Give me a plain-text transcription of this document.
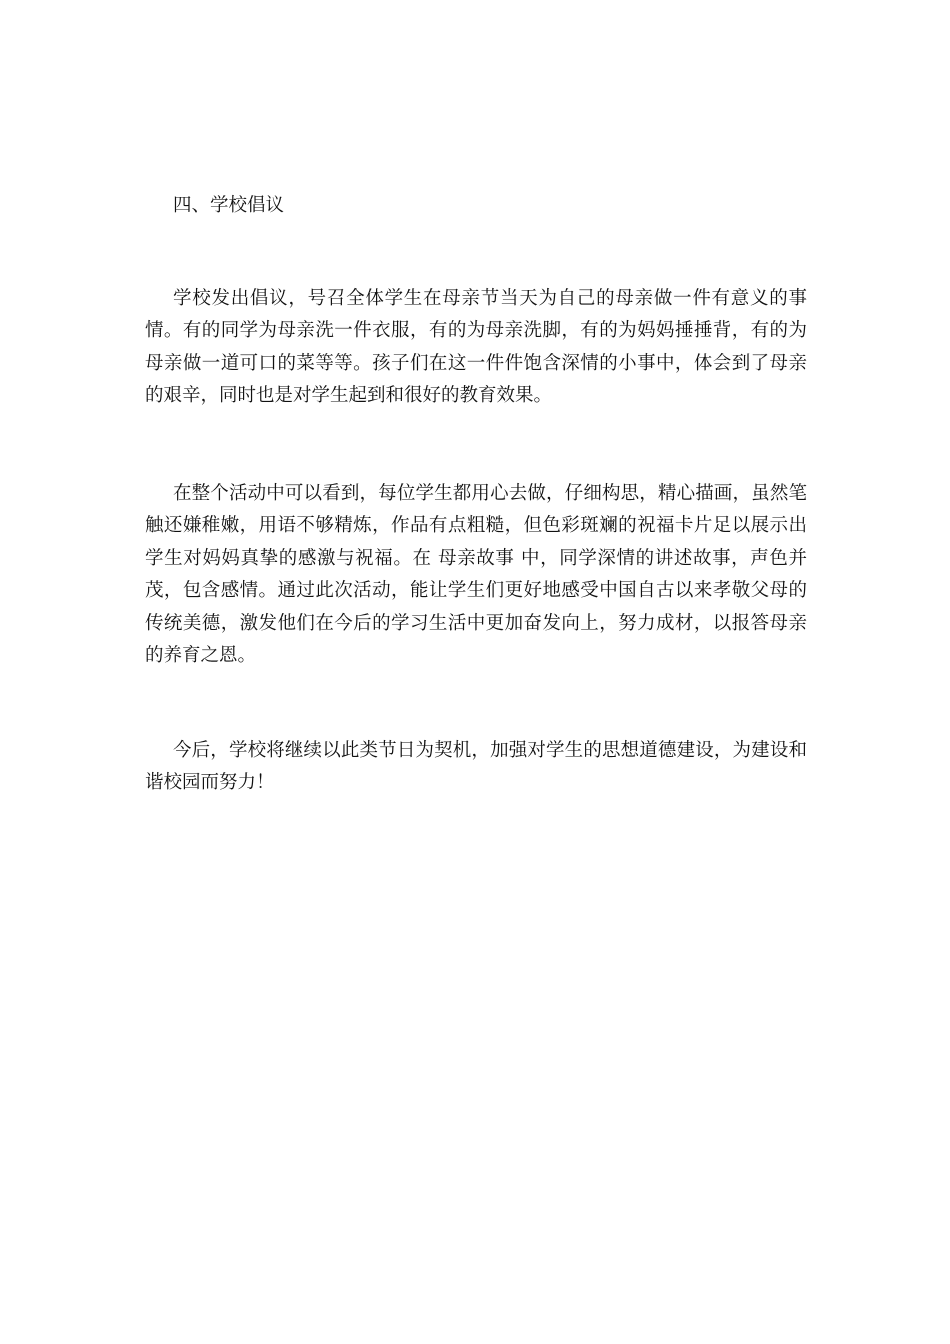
四、学校倡议

学校发出倡议，号召全体学生在母亲节当天为自己的母亲做一件有意义的事情。有的同学为母亲洗一件衣服，有的为母亲洗脚，有的为妈妈捶捶背，有的为母亲做一道可口的菜等等。孩子们在这一件件饱含深情的小事中，体会到了母亲的艰辛，同时也是对学生起到和很好的教育效果。

在整个活动中可以看到，每位学生都用心去做，仔细构思，精心描画，虽然笔触还嫌稚嫩，用语不够精炼，作品有点粗糙，但色彩斑斓的祝福卡片足以展示出学生对妈妈真挚的感激与祝福。在 母亲故事 中，同学深情的讲述故事，声色并茂，包含感情。通过此次活动，能让学生们更好地感受中国自古以来孝敬父母的传统美德，激发他们在今后的学习生活中更加奋发向上，努力成材，以报答母亲的养育之恩。

今后，学校将继续以此类节日为契机，加强对学生的思想道德建设，为建设和谐校园而努力！
